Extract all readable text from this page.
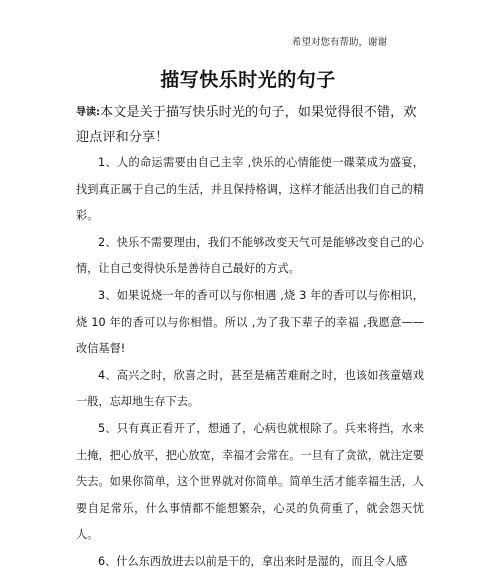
希望对您有帮助，谢谢
描写快乐时光的句子
导读:本文是关于描写快乐时光的句子，如果觉得很不错，欢迎点评和分享！

1、人的命运需要由自己主宰 ,快乐的心情能使一碟菜成为盛宴，找到真正属于自己的生活，并且保持格调，这样才能活出我们自己的精彩。

2、快乐不需要理由，我们不能够改变天气可是能够改变自己的心情，让自己变得快乐是善待自己最好的方式。

3、如果说烧一年的香可以与你相遇 ,烧 3 年的香可以与你相识，烧 10 年的香可以与你相惜。所以 ,为了我下辈子的幸福 ,我愿意——改信基督!

4、高兴之时，欣喜之时，甚至是痛苦难耐之时，也该如孩童嬉戏一般，忘却地生存下去。

5、只有真正看开了，想通了，心病也就根除了。兵来将挡，水来土掩，把心放平，把心放宽，幸福才会常在。一旦有了贪欲，就注定要失去。如果你简单，这个世界就对你简单。简单生活才能幸福生活，人要自足常乐，什么事情都不能想繁杂，心灵的负荷重了，就会怨天忧人。

6、什么东西放进去以前是干的，拿出来时是湿的，而且令人感
